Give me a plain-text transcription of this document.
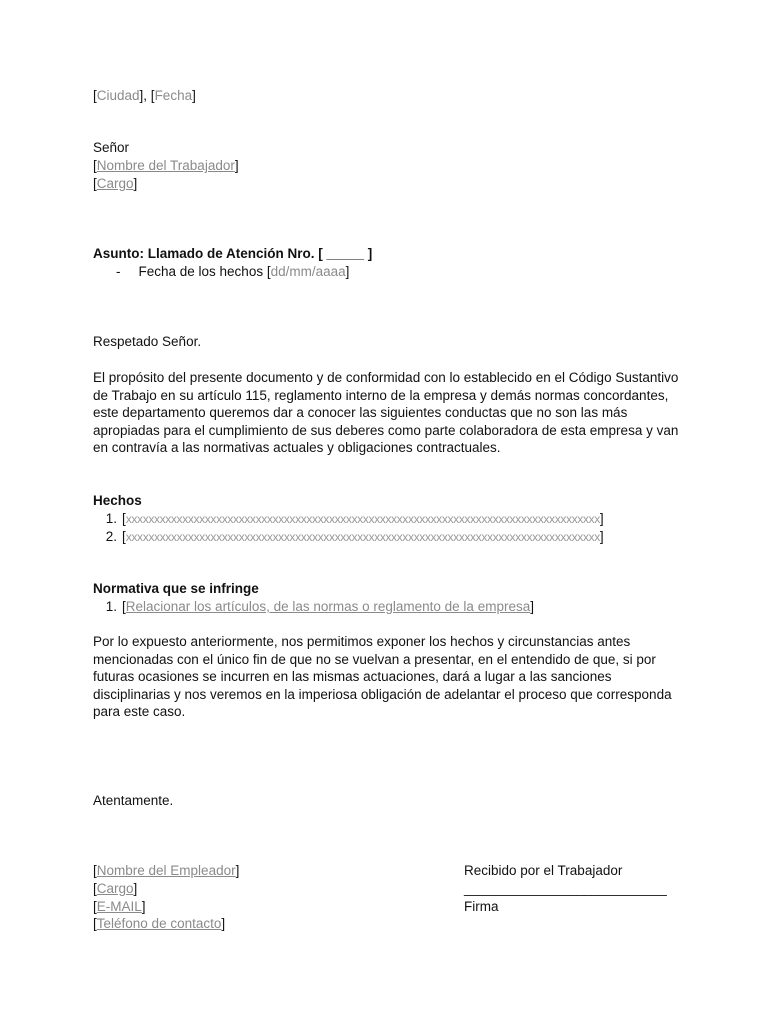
[Ciudad], [Fecha]
Señor
[Nombre del Trabajador]
[Cargo]
Asunto: Llamado de Atención Nro. [ _____ ]
- Fecha de los hechos [dd/mm/aaaa]
Respetado Señor.
El propósito del presente documento y de conformidad con lo establecido en el Código Sustantivo de Trabajo en su artículo 115, reglamento interno de la empresa y demás normas concordantes, este departamento queremos dar a conocer las siguientes conductas que no son las más apropiadas para el cumplimiento de sus deberes como parte colaboradora de esta empresa y van en contravía a las normativas actuales y obligaciones contractuales.
Hechos
1. [xxxxxxxxxxxxxxxxxxxxxxxxxxxxxxxxxxxxxxxxxxxxxxxxxxxxxxxxxxxxxxxxxxxxxxxxxxxxxxxxxxxx]
2. [xxxxxxxxxxxxxxxxxxxxxxxxxxxxxxxxxxxxxxxxxxxxxxxxxxxxxxxxxxxxxxxxxxxxxxxxxxxxxxxxxxxx]
Normativa que se infringe
1. [Relacionar los artículos, de las normas o reglamento de la empresa]
Por lo expuesto anteriormente, nos permitimos exponer los hechos y circunstancias antes mencionadas con el único fin de que no se vuelvan a presentar, en el entendido de que, si por futuras ocasiones se incurren en las mismas actuaciones, dará a lugar a las sanciones disciplinarias y nos veremos en la imperiosa obligación de adelantar el proceso que corresponda para este caso.
Atentamente.
[Nombre del Empleador]
[Cargo]
[E-MAIL]
[Teléfono de contacto]
Recibido por el Trabajador
___________________________
Firma
